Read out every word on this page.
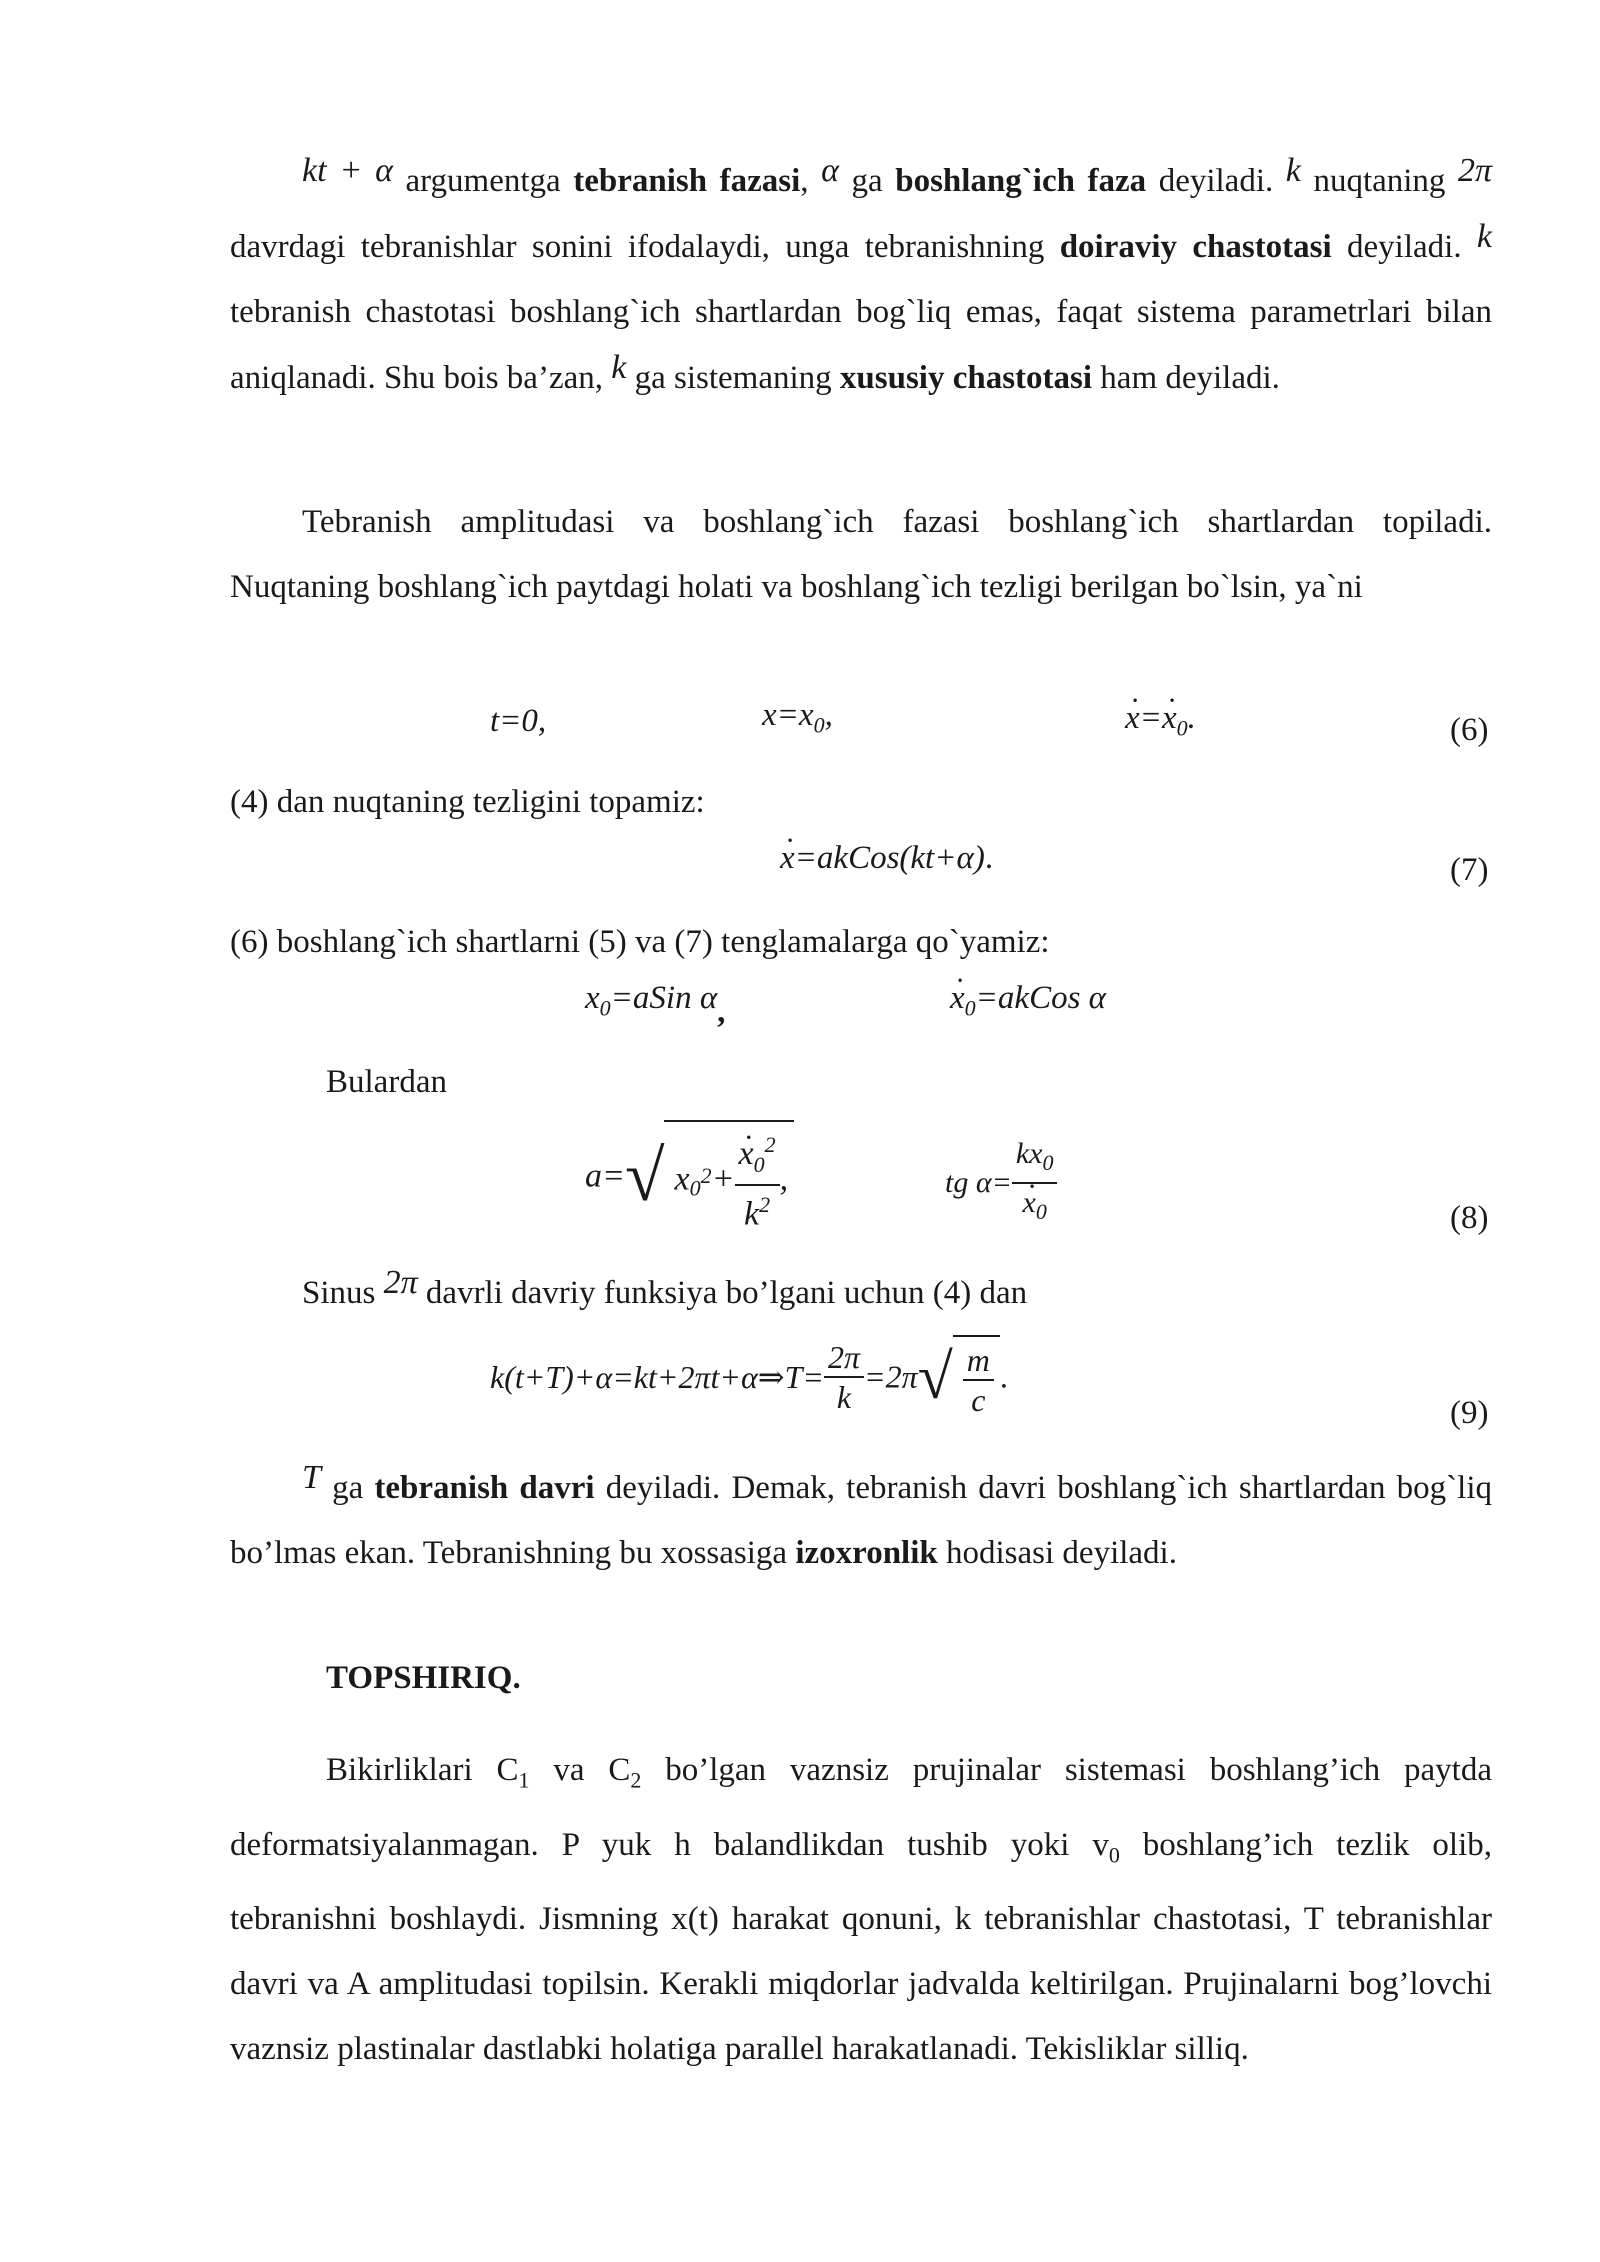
kt + α argumentga tebranish fazasi, α ga boshlang`ich faza deyiladi. k nuqtaning 2π davrdagi tebranishlar sonini ifodalaydi, unga tebranishning doiraviy chastotasi deyiladi. k tebranish chastotasi boshlang`ich shartlardan bog`liq emas, faqat sistema parametrlari bilan aniqlanadi. Shu bois ba’zan, k ga sistemaning xususiy chastotasi ham deyiladi.
Tebranish amplitudasi va boshlang`ich fazasi boshlang`ich shartlardan topiladi. Nuqtaning boshlang`ich paytdagi holati va boshlang`ich tezligi berilgan bo`lsin, ya`ni
t=0,	$x=x_0$,
·	$x=\cdot x_0$.	(6)
(4) dan nuqtaning tezligini topamiz:
· x=akCos(kt+α).	(7)
(6) boshlang`ich shartlarni (5) va (7) tenglamalarga qo`yamiz:
$x_0=aSin$ α,
·	$x_0=akCos$ α
Bulardan
a=√ $x_0^2+$
· $\frac{x_0^2}{k^2}$ ,	tg $\alpha= kx_0$
· $x_0$	(8)
Sinus 2π davrli davriy funksiya bo’lgani uchun (4) dan
k(t+T)+α=kt+2πt+α⇒T= $\frac{2\pi}{k} =2\pi√ \frac{m}{c}$ .
(9)
T ga tebranish davri deyiladi. Demak, tebranish davri boshlang`ich shartlardan bog`liq bo’lmas ekan. Tebranishning bu xossasiga izoxronlik hodisasi deyiladi.
TOPSHIRIQ.
Bikirliklari $C_1$ va $C_2$ bo’lgan vaznsiz prujinalar sistemasi boshlang’ich paytda deformatsiyalanmagan. P yuk h balandlikdan tushib yoki $v_0$ boshlang’ich tezlik olib, tebranishni boshlaydi. Jismning x(t) harakat qonuni, k tebranishlar chastotasi, T tebranishlar davri va A amplitudasi topilsin. Kerakli miqdorlar jadvalda keltirilgan. Prujinalarni bog’lovchi vaznsiz plastinalar dastlabki holatiga parallel harakatlanadi. Tekisliklar silliq.
